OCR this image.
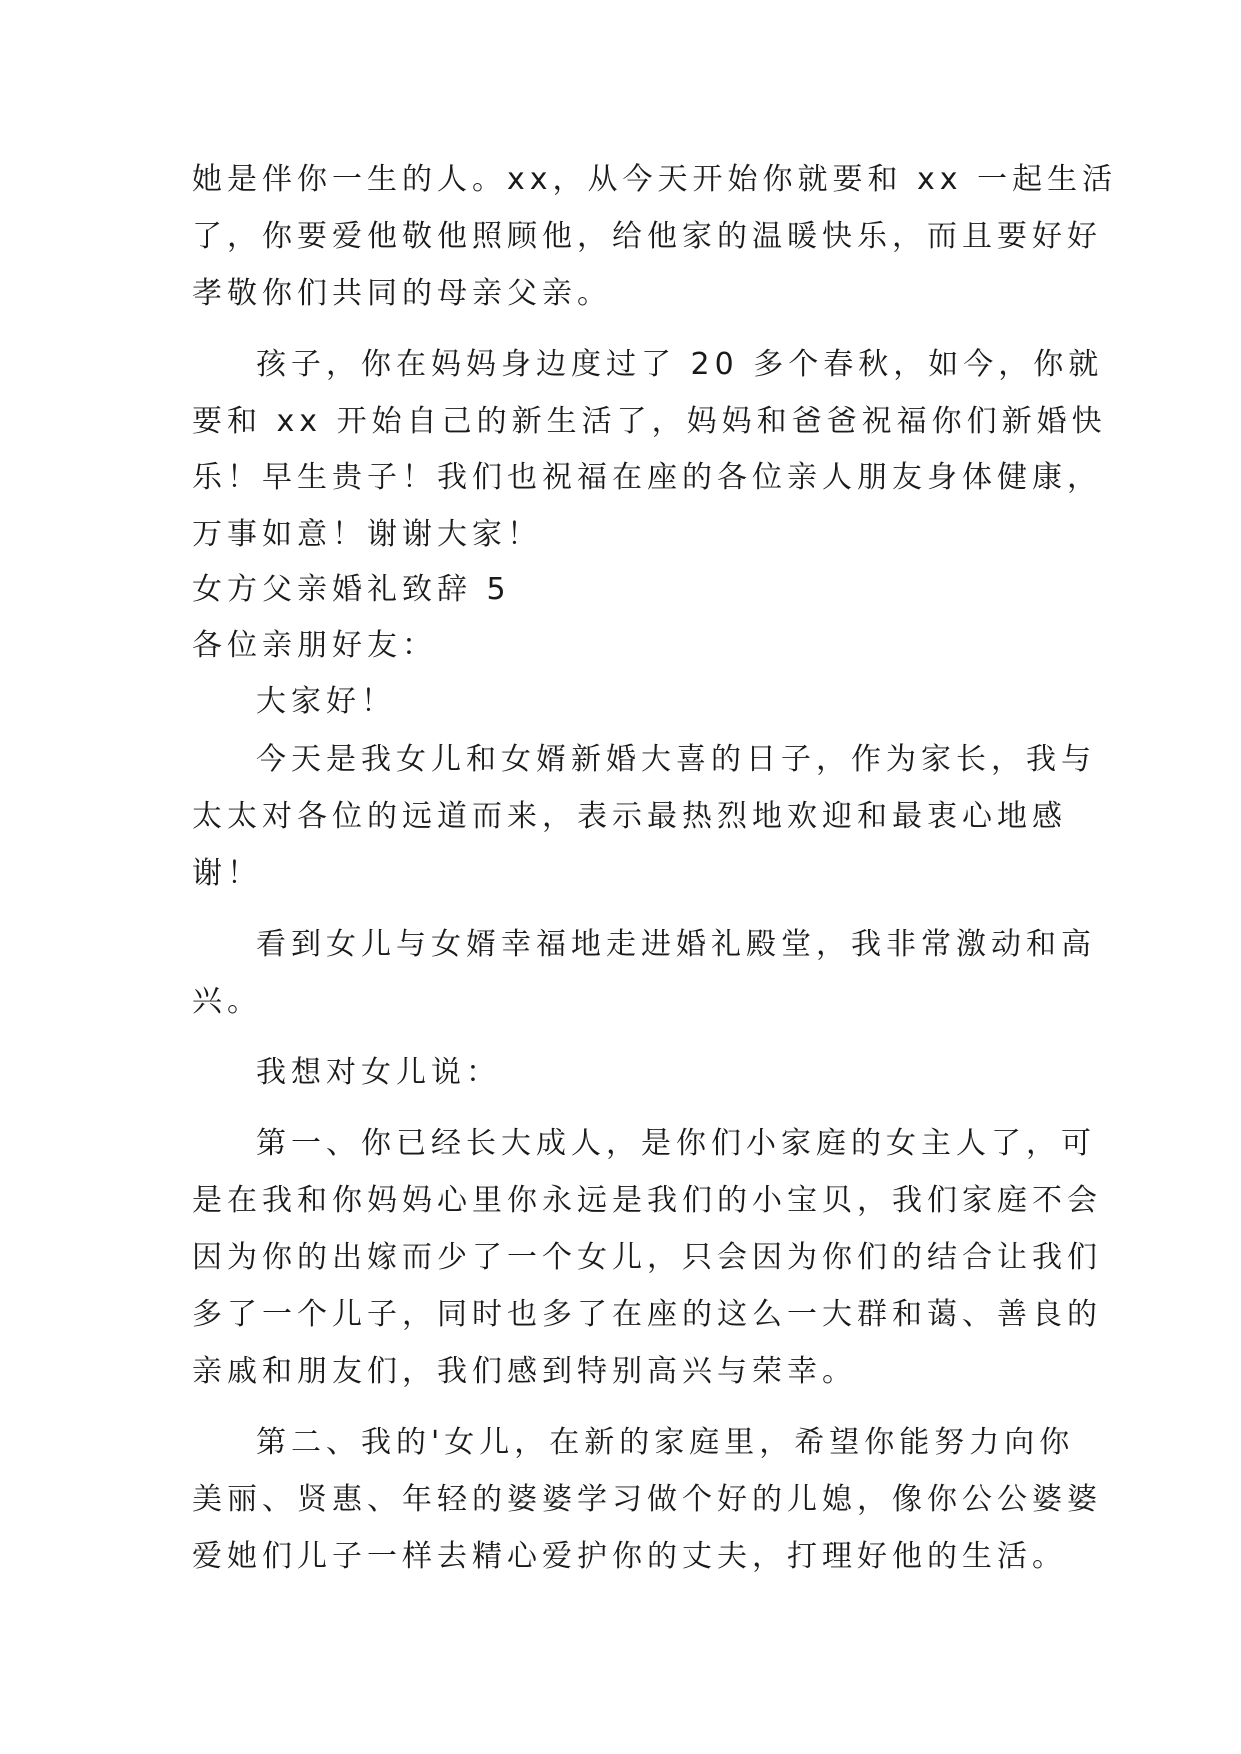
她是伴你一生的人。xx，从今天开始你就要和 xx 一起生活
了，你要爱他敬他照顾他，给他家的温暖快乐，而且要好好
孝敬你们共同的母亲父亲。
孩子，你在妈妈身边度过了 20 多个春秋，如今，你就
要和 xx 开始自己的新生活了，妈妈和爸爸祝福你们新婚快
乐！早生贵子！我们也祝福在座的各位亲人朋友身体健康，
万事如意！谢谢大家！
女方父亲婚礼致辞 5
各位亲朋好友：
大家好！
今天是我女儿和女婿新婚大喜的日子，作为家长，我与
太太对各位的远道而来，表示最热烈地欢迎和最衷心地感
谢！
看到女儿与女婿幸福地走进婚礼殿堂，我非常激动和高
兴。
我想对女儿说：
第一、你已经长大成人，是你们小家庭的女主人了，可
是在我和你妈妈心里你永远是我们的小宝贝，我们家庭不会
因为你的出嫁而少了一个女儿，只会因为你们的结合让我们
多了一个儿子，同时也多了在座的这么一大群和蔼、善良的
亲戚和朋友们，我们感到特别高兴与荣幸。
第二、我的'女儿，在新的家庭里，希望你能努力向你
美丽、贤惠、年轻的婆婆学习做个好的儿媳，像你公公婆婆
爱她们儿子一样去精心爱护你的丈夫，打理好他的生活。
